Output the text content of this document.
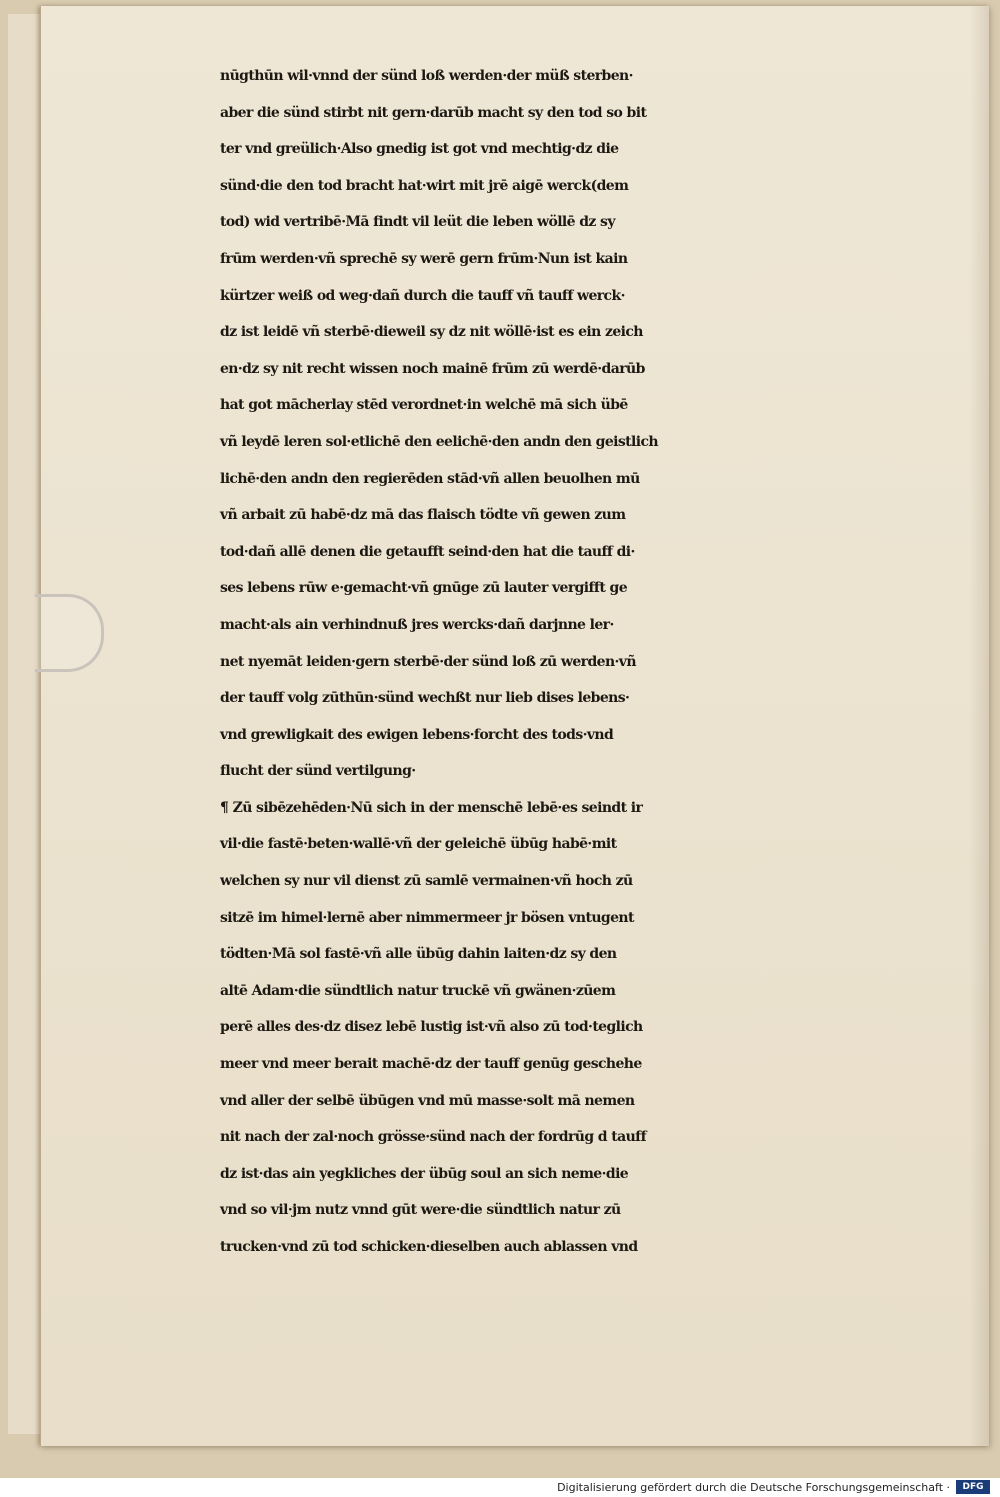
nūgthūn wil·vnnd der sünd loß werden·der müß sterben·
aber die sünd stirbt nit gern·darūb macht sy den tod so bit
ter vnd greülich·Also gnedig ist got vnd mechtig·dz die
sünd·die den tod bracht hat·wirt mit jrē aigē werck(dem
tod) wid vertribē·Mā findt vil leüt die leben wöllē dz sy
frūm werden·vñ sprechē sy werē gern frūm·Nun ist kain
kürtzer weiß od weg·dañ durch die tauff vñ tauff werck·
dz ist leidē vñ sterbē·dieweil sy dz nit wöllē·ist es ein zeich
en·dz sy nit recht wissen noch mainē frūm zū werdē·darūb
hat got mācherlay stēd verordnet·in welchē mā sich übē
vñ leydē leren sol·etlichē den eelichē·den andn den geistlich
lichē·den andn den regierēden stād·vñ allen beuolhen mū
vñ arbait zū habē·dz mā das flaisch tödte vñ gewen zum
tod·dañ allē denen die getaufft seind·den hat die tauff di·
ses lebens rūw e·gemacht·vñ gnūge zū lauter vergifft ge
macht·als ain verhindnuß jres wercks·dañ darjnne ler·
net nyemāt leiden·gern sterbē·der sünd loß zū werden·vñ
der tauff volg zūthūn·sünd wechßt nur lieb dises lebens·
vnd grewligkait des ewigen lebens·forcht des tods·vnd
flucht der sünd vertilgung·
¶ Zū sibēzehēden·Nū sich in der menschē lebē·es seindt ir
vil·die fastē·beten·wallē·vñ der geleichē übūg habē·mit
welchen sy nur vil dienst zū samlē vermainen·vñ hoch zū
sitzē im himel·lernē aber nimmermeer jr bösen vntugent
tödten·Mā sol fastē·vñ alle übūg dahin laiten·dz sy den
altē Adam·die sündtlich natur truckē vñ gwänen·zūem
perē alles des·dz disez lebē lustig ist·vñ also zū tod·teglich
meer vnd meer berait machē·dz der tauff genūg geschehe
vnd aller der selbē übūgen vnd mū masse·solt mā nemen
nit nach der zal·noch grösse·sünd nach der fordrūg d tauff
dz ist·das ain yegkliches der übūg soul an sich neme·die
vnd so vil·jm nutz vnnd gūt were·die sündtlich natur zū
trucken·vnd zū tod schicken·dieselben auch ablassen vnd
Digitalisierung gefördert durch die Deutsche Forschungsgemeinschaft ·	DFG
